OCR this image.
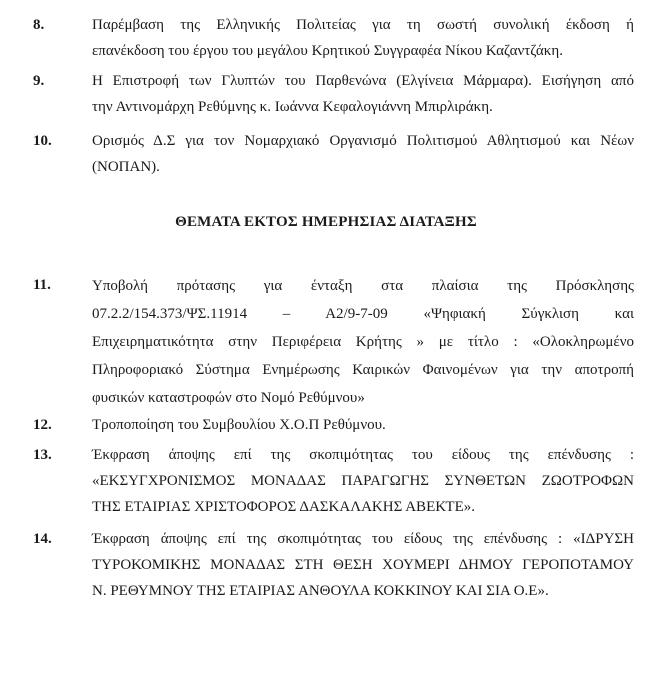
8.	Παρέμβαση της Ελληνικής Πολιτείας για τη σωστή συνολική έκδοση ή
επανέκδοση του έργου του μεγάλου Κρητικού Συγγραφέα Νίκου Καζαντζάκη.
9.	Η Επιστροφή των Γλυπτών του Παρθενώνα (Ελγίνεια Μάρμαρα). Εισήγηση από
την Αντινομάρχη Ρεθύμνης κ. Ιωάννα Κεφαλογιάννη Μπιρλιράκη.
10.	Ορισμός Δ.Σ για τον Νομαρχιακό Οργανισμό Πολιτισμού Αθλητισμού και Νέων
(ΝΟΠΑΝ).
ΘΕΜΑΤΑ ΕΚΤΟΣ ΗΜΕΡΗΣΙΑΣ ΔΙΑΤΑΞΗΣ
11.	Υποβολή πρότασης για ένταξη στα πλαίσια της Πρόσκλησης
07.2.2/154.373/ΨΣ.11914 – Α2/9-7-09 «Ψηφιακή Σύγκλιση και
Επιχειρηματικότητα στην Περιφέρεια Κρήτης » με τίτλο : «Ολοκληρωμένο
Πληροφοριακό Σύστημα Ενημέρωσης Καιρικών Φαινομένων για την αποτροπή
φυσικών καταστροφών στο Νομό Ρεθύμνου»
12.	Τροποποίηση του Συμβουλίου Χ.Ο.Π Ρεθύμνου.
13.	Έκφραση άποψης επί της σκοπιμότητας του είδους της επένδυσης :
«ΕΚΣΥΓΧΡΟΝΙΣΜΟΣ ΜΟΝΑΔΑΣ ΠΑΡΑΓΩΓΗΣ ΣΥΝΘΕΤΩΝ ΖΩΟΤΡΟΦΩΝ
ΤΗΣ ΕΤΑΙΡΙΑΣ ΧΡΙΣΤΟΦΟΡΟΣ ΔΑΣΚΑΛΑΚΗΣ ΑΒΕΚΤΕ».
14.	Έκφραση άποψης επί της σκοπιμότητας του είδους της επένδυσης : «ΙΔΡΥΣΗ
ΤΥΡΟΚΟΜΙΚΗΣ ΜΟΝΑΔΑΣ ΣΤΗ ΘΕΣΗ ΧΟΥΜΕΡΙ ΔΗΜΟΥ ΓΕΡΟΠΟΤΑΜΟΥ
Ν. ΡΕΘΥΜΝΟΥ ΤΗΣ ΕΤΑΙΡΙΑΣ ΑΝΘΟΥΛΑ ΚΟΚΚΙΝΟΥ ΚΑΙ ΣΙΑ Ο.Ε».
